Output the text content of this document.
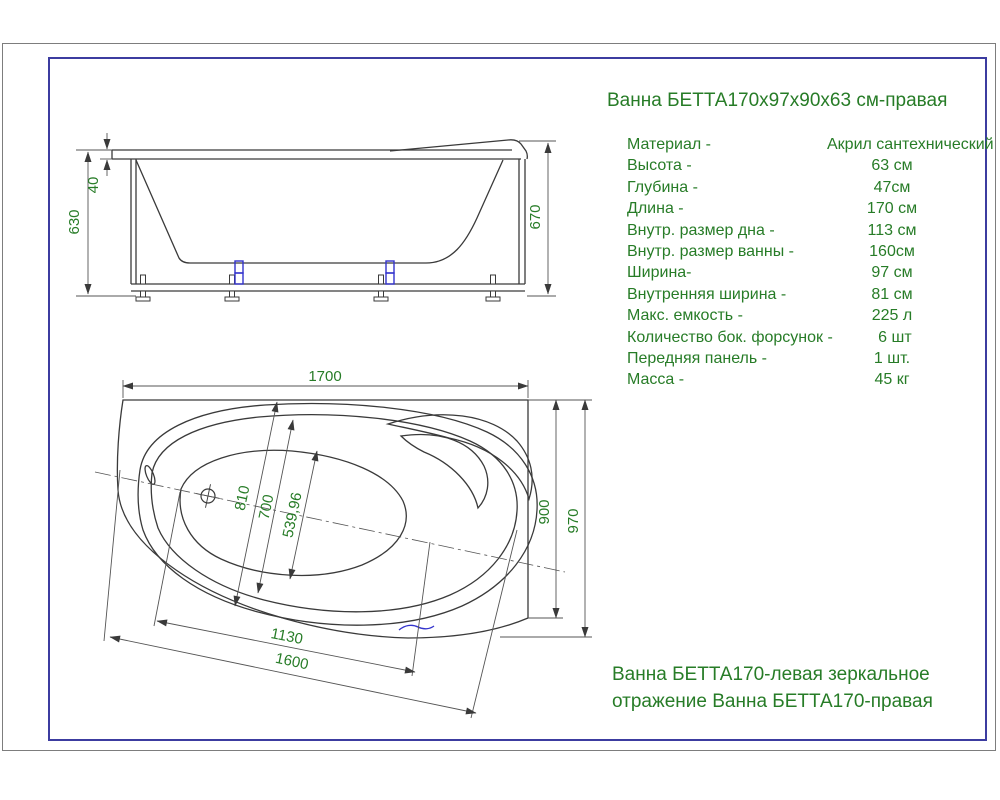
630
40
670
1700
900 970
810 700 539,96
1130
1600
Ванна БЕТТА170х97х90х63 см-правая
Материал -	Акрил сантехнический
Высота -	63 см
Глубина -	47см
Длина -	170 см
Внутр. размер дна -	113 см
Внутр. размер ванны -	160см
Ширина-	97 см
Внутренняя ширина -	81 см
Макс. емкость -	225 л
Количество бок. форсунок -	6 шт
Передняя панель -	1 шт.
Масса -	45 кг
Ванна БЕТТА170-левая зеркальное
отражение Ванна БЕТТА170-правая
